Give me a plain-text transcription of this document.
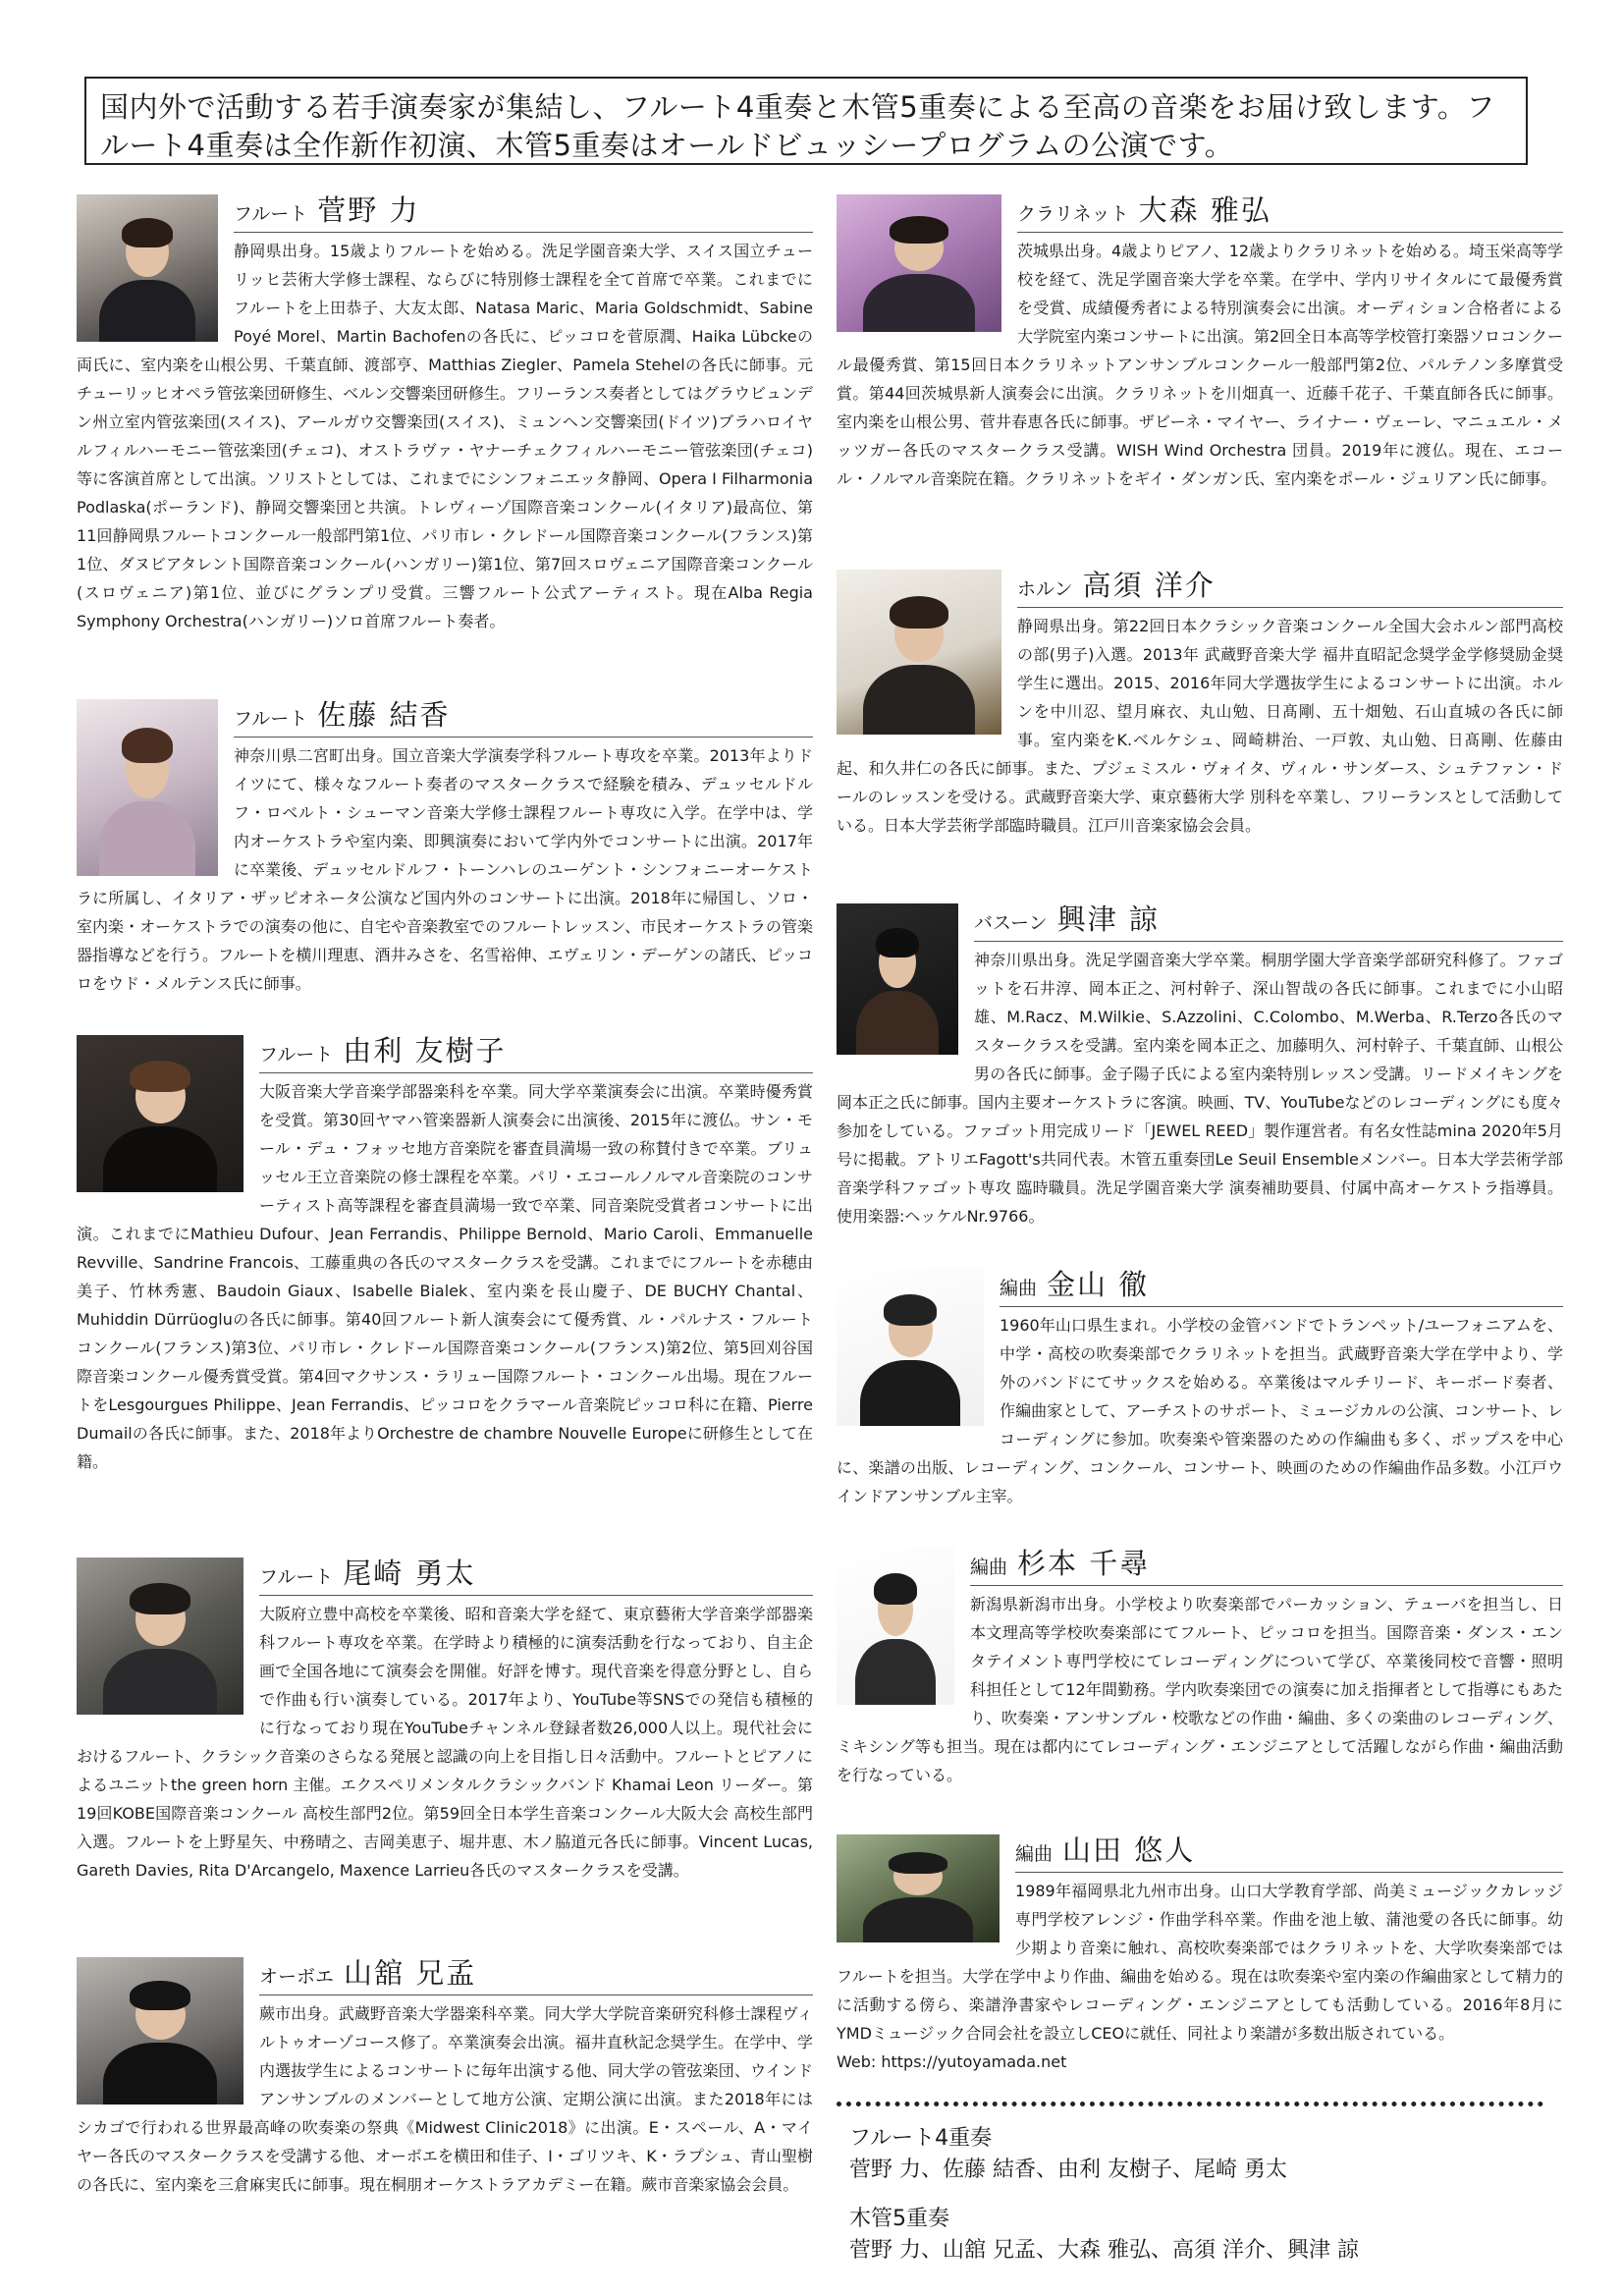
国内外で活動する若手演奏家が集結し、フルート4重奏と木管5重奏による至高の音楽をお届け致します。フルート4重奏は全作新作初演、木管5重奏はオールドビュッシープログラムの公演です。
フルート 菅野 力
静岡県出身。15歳よりフルートを始める。洗足学園音楽大学、スイス国立チューリッヒ芸術大学修士課程、ならびに特別修士課程を全て首席で卒業。これまでにフルートを上田恭子、大友太郎、Natasa Maric、Maria Goldschmidt、Sabine Poyé Morel、Martin Bachofenの各氏に、ピッコロを菅原潤、Haika Lübckeの両氏に、室内楽を山根公男、千葉直師、渡部亨、Matthias Ziegler、Pamela Stehelの各氏に師事。元チューリッヒオペラ管弦楽団研修生、ベルン交響楽団研修生。フリーランス奏者としてはグラウビュンデン州立室内管弦楽団(スイス)、アールガウ交響楽団(スイス)、ミュンヘン交響楽団(ドイツ)ブラハロイヤルフィルハーモニー管弦楽団(チェコ)、オストラヴァ・ヤナーチェクフィルハーモニー管弦楽団(チェコ)等に客演首席として出演。ソリストとしては、これまでにシンフォニエッタ静岡、Opera I Filharmonia Podlaska(ポーランド)、静岡交響楽団と共演。トレヴィーゾ国際音楽コンクール(イタリア)最高位、第11回静岡県フルートコンクール一般部門第1位、パリ市レ・クレドール国際音楽コンクール(フランス)第1位、ダヌビアタレント国際音楽コンクール(ハンガリー)第1位、第7回スロヴェニア国際音楽コンクール(スロヴェニア)第1位、並びにグランプリ受賞。三響フルート公式アーティスト。現在Alba Regia Symphony Orchestra(ハンガリー)ソロ首席フルート奏者。
フルート 佐藤 結香
神奈川県二宮町出身。国立音楽大学演奏学科フルート専攻を卒業。2013年よりドイツにて、様々なフルート奏者のマスタークラスで経験を積み、デュッセルドルフ・ロベルト・シューマン音楽大学修士課程フルート専攻に入学。在学中は、学内オーケストラや室内楽、即興演奏において学内外でコンサートに出演。2017年に卒業後、デュッセルドルフ・トーンハレのユーゲント・シンフォニーオーケストラに所属し、イタリア・ザッピオネータ公演など国内外のコンサートに出演。2018年に帰国し、ソロ・室内楽・オーケストラでの演奏の他に、自宅や音楽教室でのフルートレッスン、市民オーケストラの管楽器指導などを行う。フルートを横川理恵、酒井みさを、名雪裕伸、エヴェリン・デーゲンの諸氏、ピッコロをウド・メルテンス氏に師事。
フルート 由利 友樹子
大阪音楽大学音楽学部器楽科を卒業。同大学卒業演奏会に出演。卒業時優秀賞を受賞。第30回ヤマハ管楽器新人演奏会に出演後、2015年に渡仏。サン・モール・デュ・フォッセ地方音楽院を審査員満場一致の称賛付きで卒業。ブリュッセル王立音楽院の修士課程を卒業。パリ・エコールノルマル音楽院のコンサーティスト高等課程を審査員満場一致で卒業、同音楽院受賞者コンサートに出演。これまでにMathieu Dufour、Jean Ferrandis、Philippe Bernold、Mario Caroli、Emmanuelle Revville、Sandrine Francois、工藤重典の各氏のマスタークラスを受講。これまでにフルートを赤穂由美子、竹林秀憲、Baudoin Giaux、Isabelle Bialek、室内楽を長山慶子、DE BUCHY Chantal、Muhiddin Dürrüogluの各氏に師事。第40回フルート新人演奏会にて優秀賞、ル・パルナス・フルートコンクール(フランス)第3位、パリ市レ・クレドール国際音楽コンクール(フランス)第2位、第5回刈谷国際音楽コンクール優秀賞受賞。第4回マクサンス・ラリュー国際フルート・コンクール出場。現在フルートをLesgourgues Philippe、Jean Ferrandis、ピッコロをクラマール音楽院ピッコロ科に在籍、Pierre Dumailの各氏に師事。また、2018年よりOrchestre de chambre Nouvelle Europeに研修生として在籍。
フルート 尾崎 勇太
大阪府立豊中高校を卒業後、昭和音楽大学を経て、東京藝術大学音楽学部器楽科フルート専攻を卒業。在学時より積極的に演奏活動を行なっており、自主企画で全国各地にて演奏会を開催。好評を博す。現代音楽を得意分野とし、自らで作曲も行い演奏している。2017年より、YouTube等SNSでの発信も積極的に行なっており現在YouTubeチャンネル登録者数26,000人以上。現代社会におけるフルート、クラシック音楽のさらなる発展と認識の向上を目指し日々活動中。フルートとピアノによるユニットthe green horn 主催。エクスペリメンタルクラシックバンド Khamai Leon リーダー。第19回KOBE国際音楽コンクール 高校生部門2位。第59回全日本学生音楽コンクール大阪大会 高校生部門入選。フルートを上野星矢、中務晴之、吉岡美恵子、堀井恵、木ノ脇道元各氏に師事。Vincent Lucas, Gareth Davies, Rita D'Arcangelo, Maxence Larrieu各氏のマスタークラスを受講。
オーボエ 山舘 兄孟
蕨市出身。武蔵野音楽大学器楽科卒業。同大学大学院音楽研究科修士課程ヴィルトゥオーゾコース修了。卒業演奏会出演。福井直秋記念奨学生。在学中、学内選抜学生によるコンサートに毎年出演する他、同大学の管弦楽団、ウインドアンサンブルのメンバーとして地方公演、定期公演に出演。また2018年にはシカゴで行われる世界最高峰の吹奏楽の祭典《Midwest Clinic2018》に出演。E・スペール、A・マイヤー各氏のマスタークラスを受講する他、オーボエを横田和佳子、I・ゴリツキ、K・ラプシュ、青山聖樹の各氏に、室内楽を三倉麻実氏に師事。現在桐朋オーケストラアカデミー在籍。蕨市音楽家協会会員。
クラリネット 大森 雅弘
茨城県出身。4歳よりピアノ、12歳よりクラリネットを始める。埼玉栄高等学校を経て、洗足学園音楽大学を卒業。在学中、学内リサイタルにて最優秀賞を受賞、成績優秀者による特別演奏会に出演。オーディション合格者による大学院室内楽コンサートに出演。第2回全日本高等学校管打楽器ソロコンクール最優秀賞、第15回日本クラリネットアンサンブルコンクール一般部門第2位、パルテノン多摩賞受賞。第44回茨城県新人演奏会に出演。クラリネットを川畑真一、近藤千花子、千葉直師各氏に師事。室内楽を山根公男、菅井春恵各氏に師事。ザビーネ・マイヤー、ライナー・ヴェーレ、マニュエル・メッツガー各氏のマスタークラス受講。WISH Wind Orchestra 団員。2019年に渡仏。現在、エコール・ノルマル音楽院在籍。クラリネットをギイ・ダンガン氏、室内楽をポール・ジュリアン氏に師事。
ホルン 高須 洋介
静岡県出身。第22回日本クラシック音楽コンクール全国大会ホルン部門高校の部(男子)入選。2013年 武蔵野音楽大学 福井直昭記念奨学金学修奨励金奨学生に選出。2015、2016年同大学選抜学生によるコンサートに出演。ホルンを中川忍、望月麻衣、丸山勉、日髙剛、五十畑勉、石山直城の各氏に師事。室内楽をK.ベルケシュ、岡崎耕治、一戸敦、丸山勉、日髙剛、佐藤由起、和久井仁の各氏に師事。また、プジェミスル・ヴォイタ、ヴィル・サンダース、シュテファン・ドールのレッスンを受ける。武蔵野音楽大学、東京藝術大学 別科を卒業し、フリーランスとして活動している。日本大学芸術学部臨時職員。江戸川音楽家協会会員。
バスーン 興津 諒
神奈川県出身。洗足学園音楽大学卒業。桐朋学園大学音楽学部研究科修了。ファゴットを石井淳、岡本正之、河村幹子、深山智哉の各氏に師事。これまでに小山昭雄、M.Racz、M.Wilkie、S.Azzolini、C.Colombo、M.Werba、R.Terzo各氏のマスタークラスを受講。室内楽を岡本正之、加藤明久、河村幹子、千葉直師、山根公男の各氏に師事。金子陽子氏による室内楽特別レッスン受講。リードメイキングを岡本正之氏に師事。国内主要オーケストラに客演。映画、TV、YouTubeなどのレコーディングにも度々参加をしている。ファゴット用完成リード「JEWEL REED」製作運営者。有名女性誌mina 2020年5月号に掲載。アトリエFagott's共同代表。木管五重奏団Le Seuil Ensembleメンバー。日本大学芸術学部音楽学科ファゴット専攻 臨時職員。洗足学園音楽大学 演奏補助要員、付属中高オーケストラ指導員。使用楽器:ヘッケルNr.9766。
編曲 金山 徹
1960年山口県生まれ。小学校の金管バンドでトランペット/ユーフォニアムを、中学・高校の吹奏楽部でクラリネットを担当。武蔵野音楽大学在学中より、学外のバンドにてサックスを始める。卒業後はマルチリード、キーボード奏者、作編曲家として、アーチストのサポート、ミュージカルの公演、コンサート、レコーディングに参加。吹奏楽や管楽器のための作編曲も多く、ポップスを中心に、楽譜の出版、レコーディング、コンクール、コンサート、映画のための作編曲作品多数。小江戸ウインドアンサンブル主宰。
編曲 杉本 千尋
新潟県新潟市出身。小学校より吹奏楽部でパーカッション、テューバを担当し、日本文理高等学校吹奏楽部にてフルート、ピッコロを担当。国際音楽・ダンス・エンタテイメント専門学校にてレコーディングについて学び、卒業後同校で音響・照明科担任として12年間勤務。学内吹奏楽団での演奏に加え指揮者として指導にもあたり、吹奏楽・アンサンブル・校歌などの作曲・編曲、多くの楽曲のレコーディング、ミキシング等も担当。現在は都内にてレコーディング・エンジニアとして活躍しながら作曲・編曲活動を行なっている。
編曲 山田 悠人
1989年福岡県北九州市出身。山口大学教育学部、尚美ミュージックカレッジ専門学校アレンジ・作曲学科卒業。作曲を池上敏、蒲池愛の各氏に師事。幼少期より音楽に触れ、高校吹奏楽部ではクラリネットを、大学吹奏楽部ではフルートを担当。大学在学中より作曲、編曲を始める。現在は吹奏楽や室内楽の作編曲家として精力的に活動する傍ら、楽譜浄書家やレコーディング・エンジニアとしても活動している。2016年8月にYMDミュージック合同会社を設立しCEOに就任、同社より楽譜が多数出版されている。
Web: https://yutoyamada.net
フルート4重奏
菅野 力、佐藤 結香、由利 友樹子、尾崎 勇太
木管5重奏
菅野 力、山舘 兄孟、大森 雅弘、高須 洋介、興津 諒
